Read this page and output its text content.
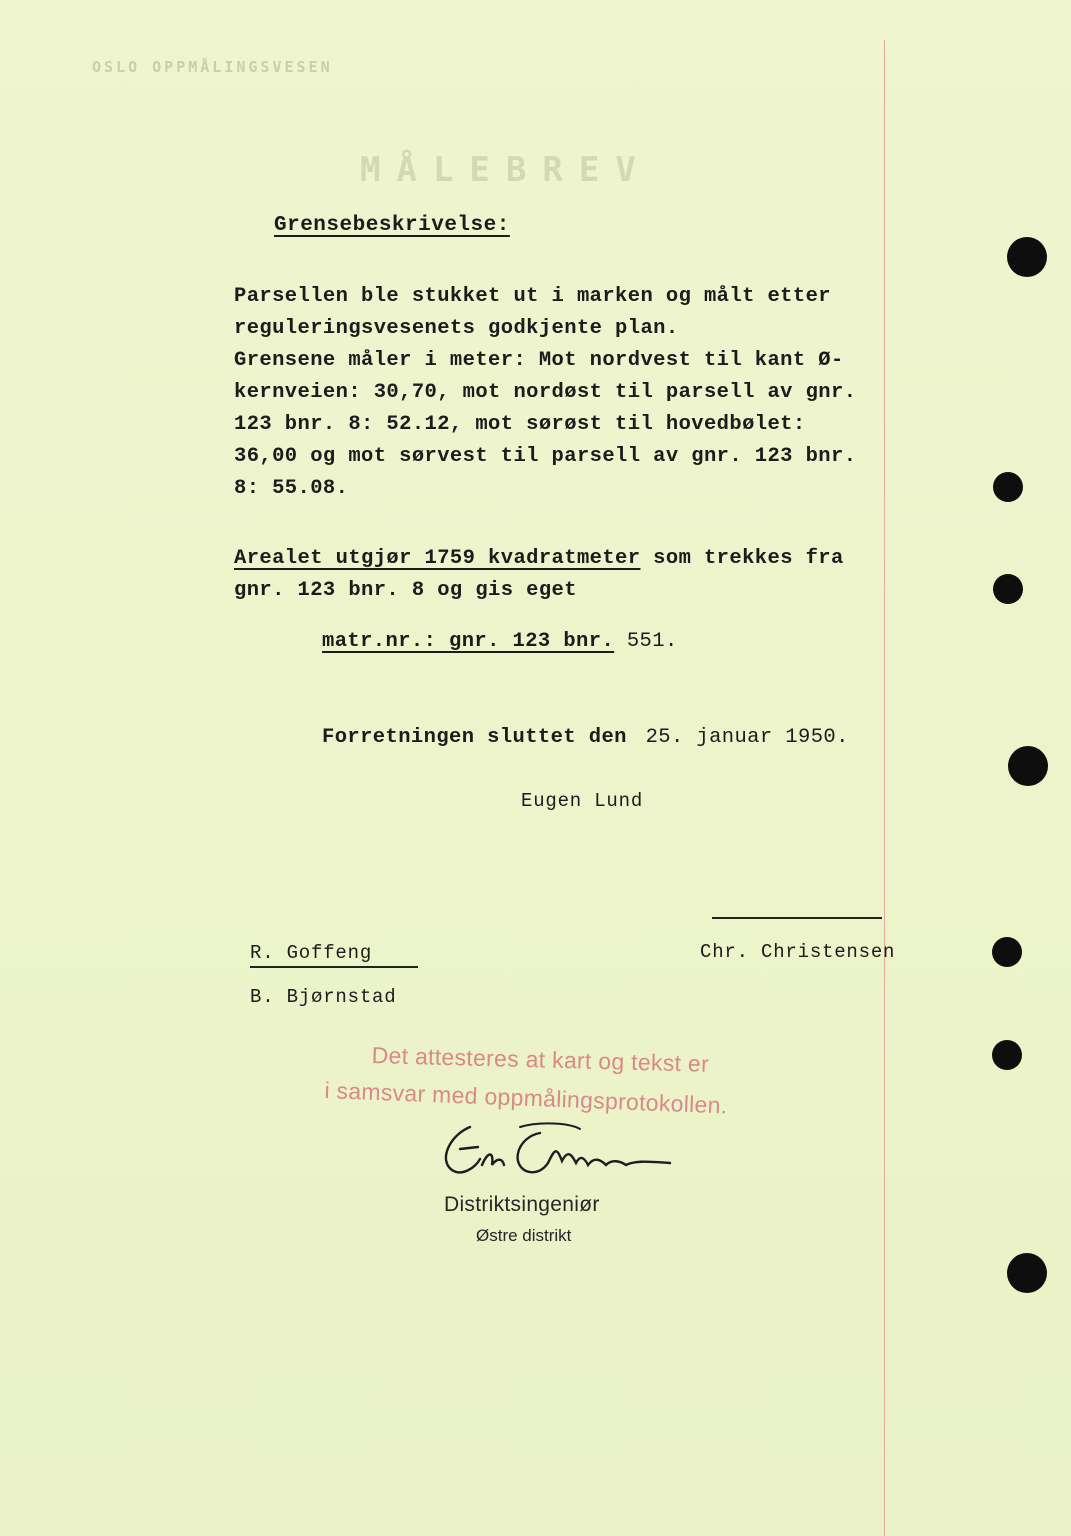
OSLO OPPMÅLINGSVESEN
MÅLEBREV
Grensebeskrivelse:
Parsellen ble stukket ut i marken og målt etter
reguleringsvesenets godkjente plan.
Grensene måler i meter: Mot nordvest til kant Ø-
kernveien: 30,70, mot nordøst til parsell av gnr.
123 bnr. 8: 52.12, mot sørøst til hovedbølet:
36,00 og mot sørvest til parsell av gnr. 123 bnr.
8: 55.08.
Arealet utgjør 1759 kvadratmeter som trekkes fra
gnr. 123 bnr. 8 og gis eget
matr.nr.: gnr. 123 bnr. 551.
Forretningen sluttet den 25. januar 1950.
Eugen Lund
Chr. Christensen
R. Goffeng
B. Bjørnstad
Det attesteres at kart og tekst er
i samsvar med oppmålingsprotokollen.
Distriktsingeniør
Østre distrikt
